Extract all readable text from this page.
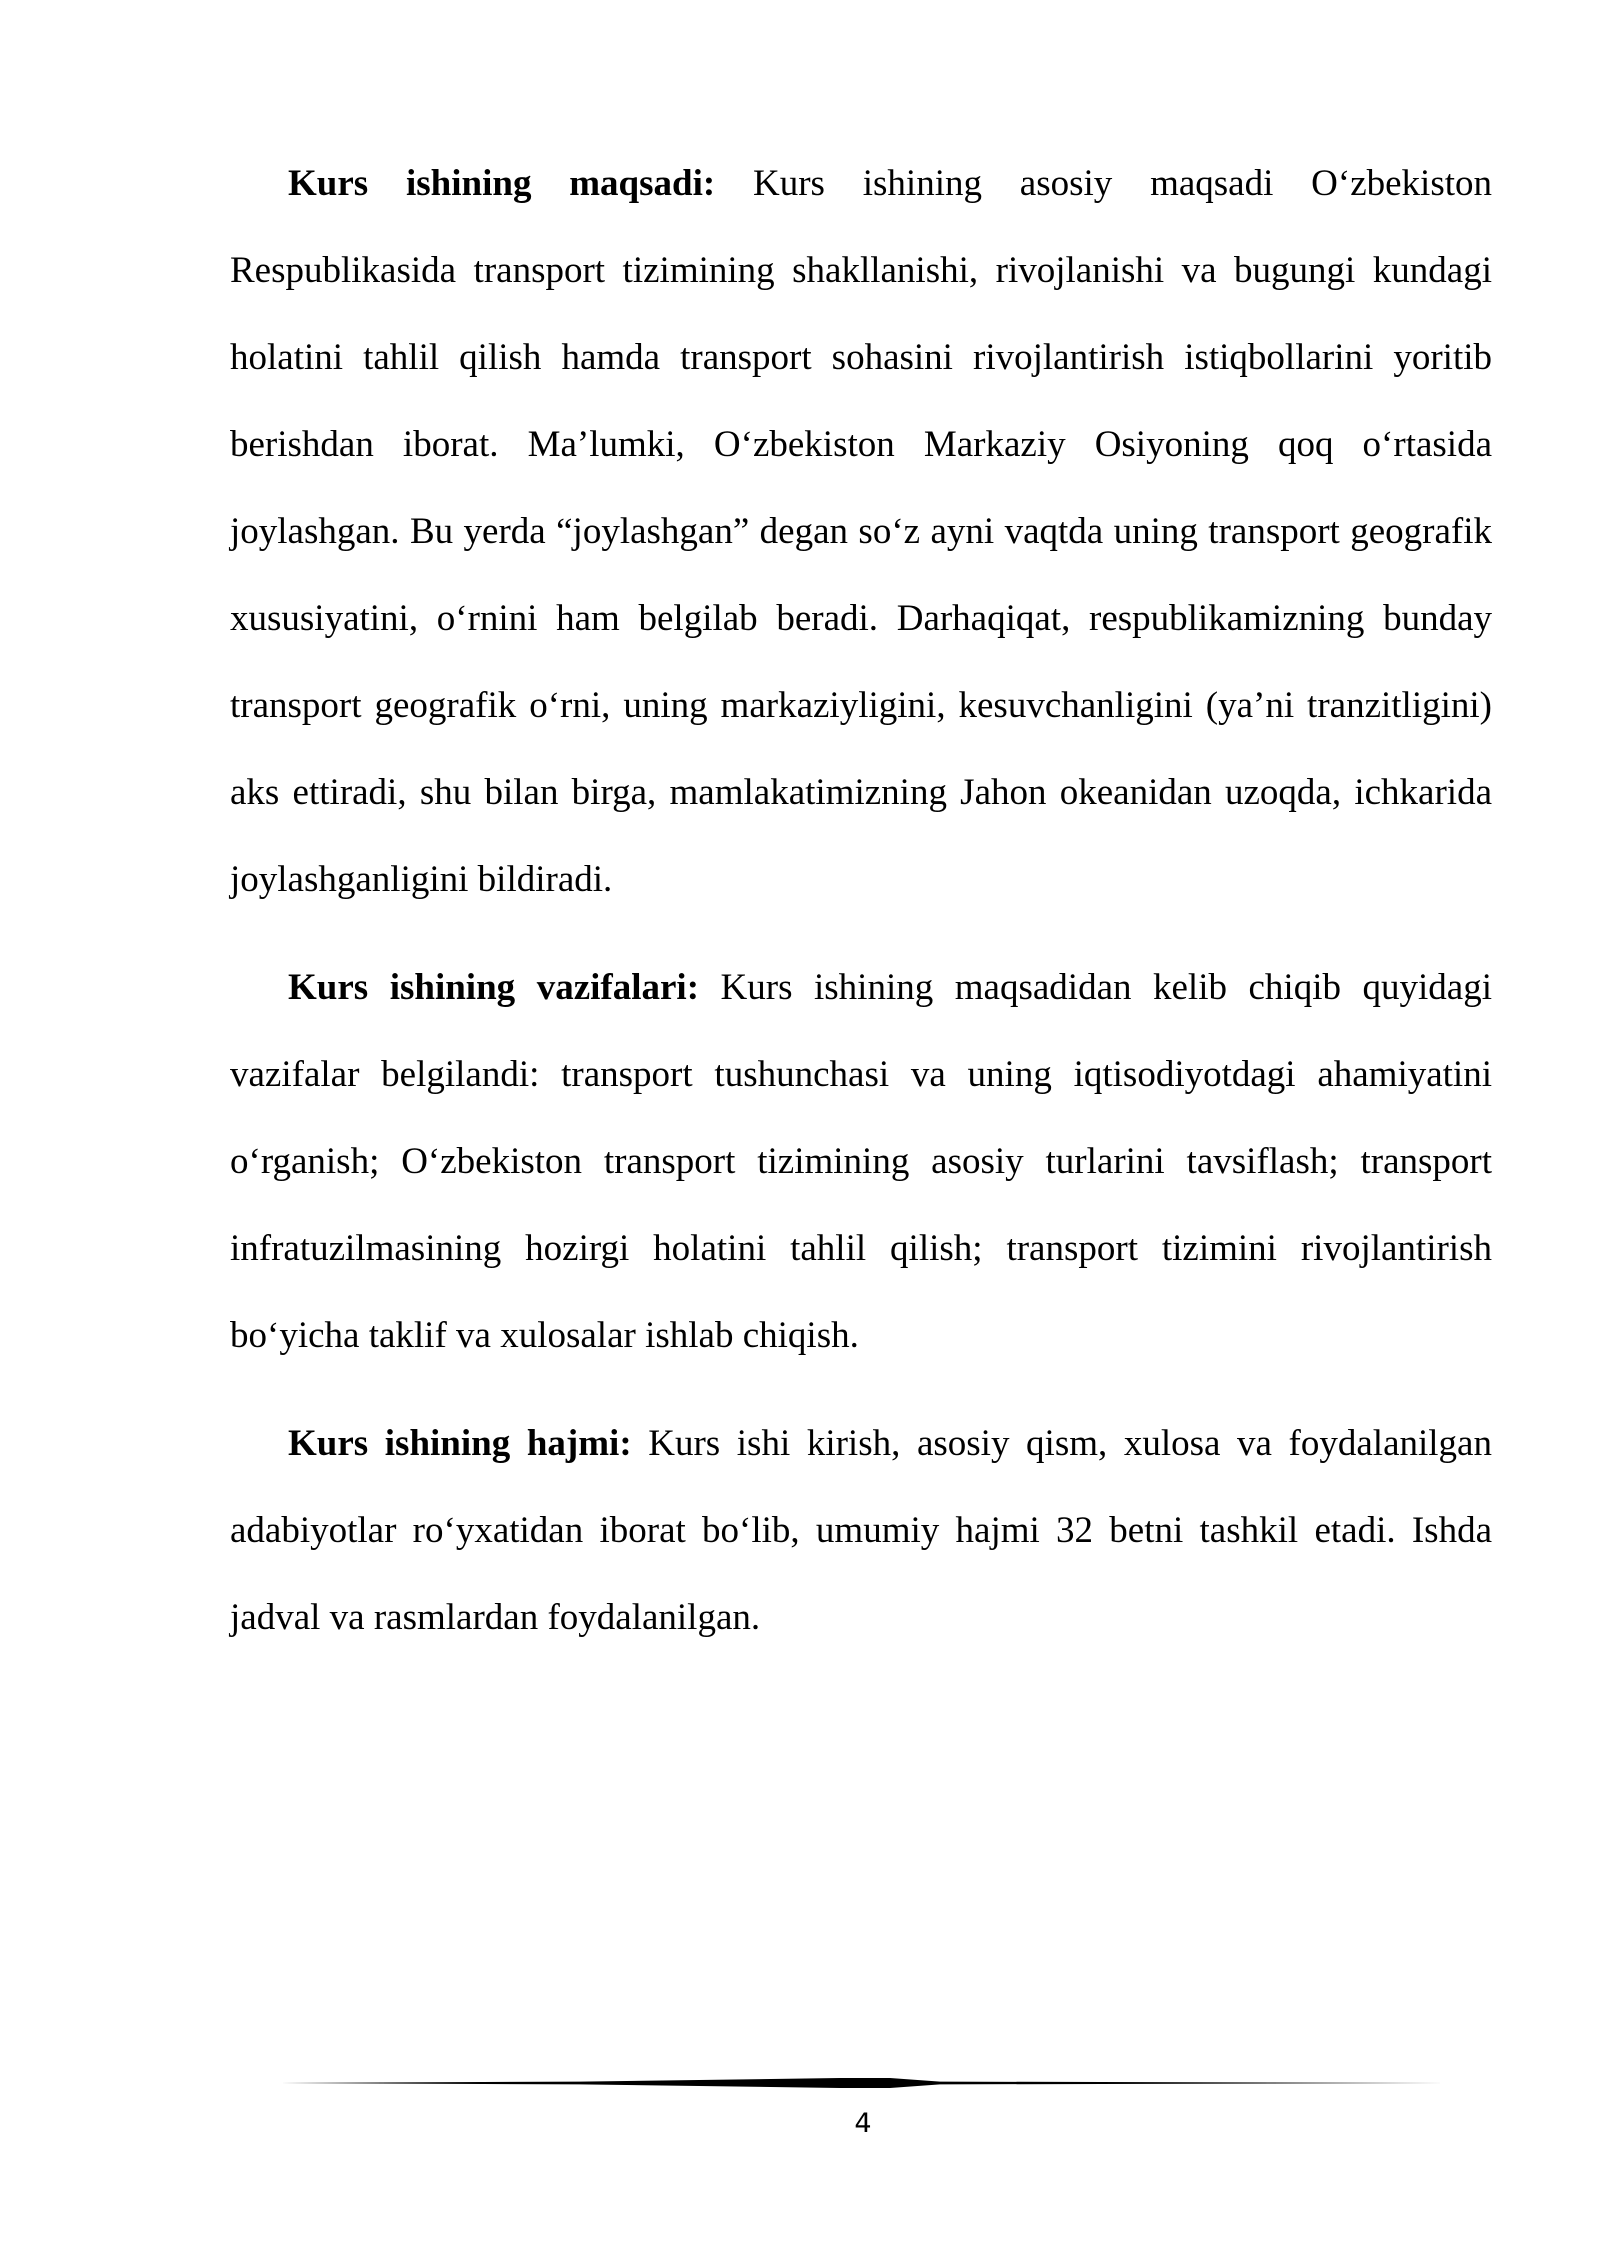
Kurs ishining maqsadi: Kurs ishining asosiy maqsadi O‘zbekiston Respublikasida transport tizimining shakllanishi, rivojlanishi va bugungi kundagi holatini tahlil qilish hamda transport sohasini rivojlantirish istiqbollarini yoritib berishdan iborat. Ma’lumki, O‘zbekiston Markaziy Osiyoning qoq o‘rtasida joylashgan. Bu yerda “joylashgan” degan so‘z ayni vaqtda uning transport geografik xususiyatini, o‘rnini ham belgilab beradi. Darhaqiqat, respublikamizning bunday transport geografik o‘rni, uning markaziyligini, kesuvchanligini (ya’ni tranzitligini) aks ettiradi, shu bilan birga, mamlakatimizning Jahon okeanidan uzoqda, ichkarida joylashganligini bildiradi.

Kurs ishining vazifalari: Kurs ishining maqsadidan kelib chiqib quyidagi vazifalar belgilandi: transport tushunchasi va uning iqtisodiyotdagi ahamiyatini o‘rganish; O‘zbekiston transport tizimining asosiy turlarini tavsiflash; transport infratuzilmasining hozirgi holatini tahlil qilish; transport tizimini rivojlantirish bo‘yicha taklif va xulosalar ishlab chiqish.

Kurs ishining hajmi: Kurs ishi kirish, asosiy qism, xulosa va foydalanilgan adabiyotlar ro‘yxatidan iborat bo‘lib, umumiy hajmi 32 betni tashkil etadi. Ishda jadval va rasmlardan foydalanilgan.

4
